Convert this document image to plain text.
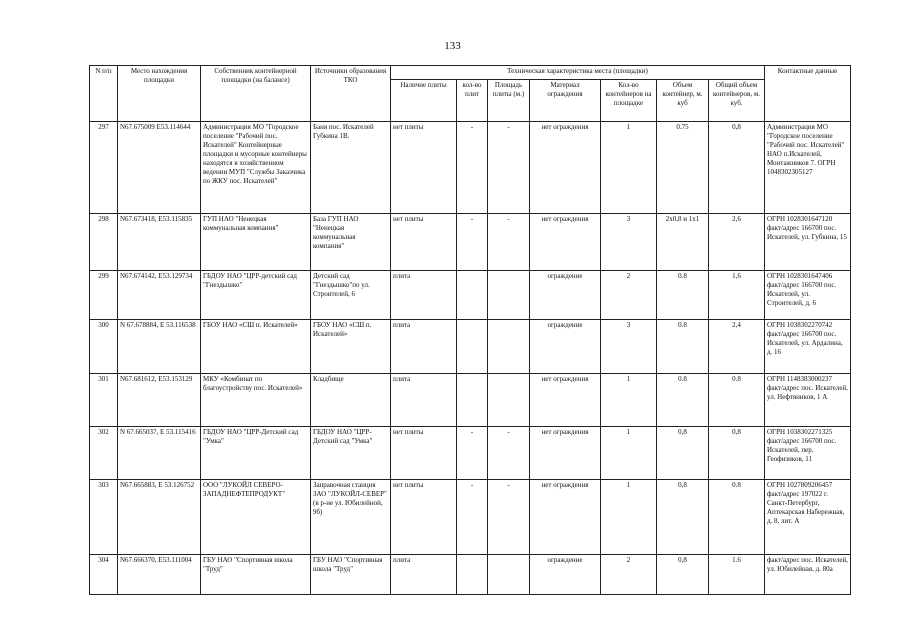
133
N п/п	Место нахождения площадки	Собственник контейнерной площадки (на балансе)	Источники образования ТКО	Техническая характеристика места (площадки)							Контактные данные
				Наличие плиты	кол-во плит	Площадь плиты (м.)	Материал ограждения	Кол-во контейнеров на площадке	Объем контейнер, м. куб	Общий объем контейнеров, м. куб.	
297	N67.675009 E53.114644	Администрация МО "Городское поселение "Рабочий пос. Искателей" Контейнерные площадки и мусорные контейнеры находятся в хозяйственном ведении МУП "Службы Заказчика по ЖКУ пос. Искателей"	Баня пос. Искателей Губкина 1В.	нет плиты	-	-	нет ограждения	1	0.75	0,8	Администрация МО "Городское поселение "Рабочий пос. Искателей" НАО п.Искателей, Монтажников 7. ОГРН 1048302305127
298	N67.673418, E53.115835	ГУП НАО "Ненецкая коммунальная компания"	База ГУП НАО "Ненецкая коммунальная компания"	нет плиты	-	-	нет ограждения	3	2х0,8 и 1х1	2,6	ОГРН 1028301647120 факт/адрес 166700 пос. Искателей, ул. Губкина, 15
299	N67.674142, E53.129734	ГБДОУ НАО "ЦРР-детский сад "Гнездышко"	Детский сад "Гнездышко"по ул. Строителей, 6	плита			ограждение	2	0.8	1,6	ОГРН 1028301647406 факт/адрес 166700 пос. Искателей, ул. Строителей, д. 6
300	N 67.678884, E 53.116538	ГБОУ НАО «СШ п. Искателей»	ГБОУ НАО «СШ п. Искателей»	плита			ограждение	3	0.8	2,4	ОГРН 1038302270742 факт/адрес 166700 пос. Искателей, ул. Ардалина, д. 16
301	N67.681612, E53.153129	МКУ «Комбинат по благоустройству пос. Искателей»	Кладбище	плита			нет ограждения	1	0.8	0.8	ОГРН 1148383000237 факт/адрес пос. Искателей, ул. Нефтяников, 1 А
302	N 67.665037, E 53.115416	ГБДОУ НАО "ЦРР-Детский сад "Умка"	ГБДОУ НАО "ЦРР-Детский сад "Умка"	нет плиты	-	-	нет ограждения	1	0,8	0,8	ОГРН 1038302271325 факт/адрес 166700 пос. Искателей, пер. Геофизиков, 11
303	N67.665883, E 53.126752	ООО "ЛУКОЙЛ СЕВЕРО-ЗАПАДНЕФТЕПРОДУКТ"	Заправочная станция ЗАО "ЛУКОЙЛ-СЕВЕР" (в р-не ул. Юбилейной, 9б)	нет плиты	-	-	нет ограждения	1	0,8	0.8	ОГРН 1027809206457 факт/адрес 197022 г. Санкт-Петербург, Аптекарская Набережная, д. 8, лит. А
304	N67.666370, E53.111004	ГБУ НАО "Спортивная школа "Труд"	ГБУ НАО "Спортивная школа "Труд"	плита			ограждение	2	0,8	1.6	факт/адрес пос. Искателей, ул. Юбилейная, д. 80а
